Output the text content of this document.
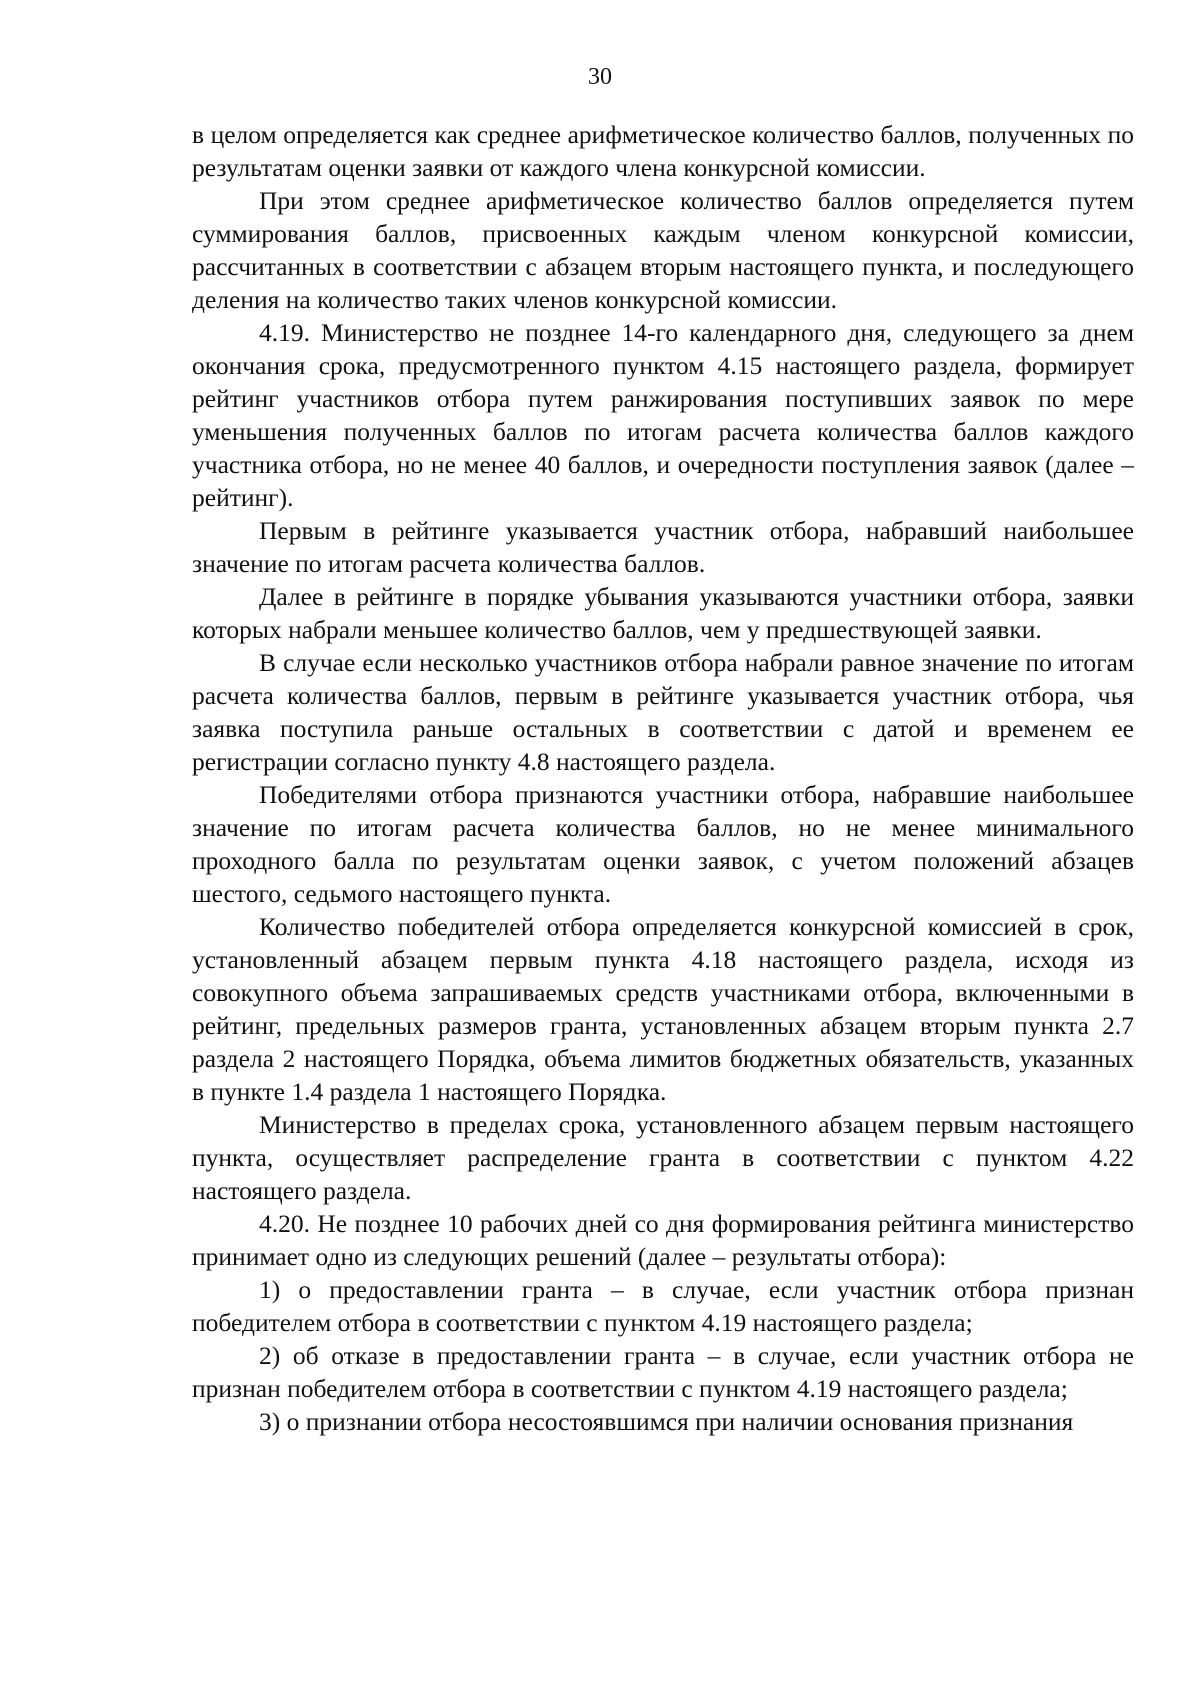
30

в целом определяется как среднее арифметическое количество баллов, полученных по результатам оценки заявки от каждого члена конкурсной комиссии.

При этом среднее арифметическое количество баллов определяется путем суммирования баллов, присвоенных каждым членом конкурсной комиссии, рассчитанных в соответствии с абзацем вторым настоящего пункта, и последующего деления на количество таких членов конкурсной комиссии.

4.19. Министерство не позднее 14-го календарного дня, следующего за днем окончания срока, предусмотренного пунктом 4.15 настоящего раздела, формирует рейтинг участников отбора путем ранжирования поступивших заявок по мере уменьшения полученных баллов по итогам расчета количества баллов каждого участника отбора, но не менее 40 баллов, и очередности поступления заявок (далее – рейтинг).

Первым в рейтинге указывается участник отбора, набравший наибольшее значение по итогам расчета количества баллов.

Далее в рейтинге в порядке убывания указываются участники отбора, заявки которых набрали меньшее количество баллов, чем у предшествующей заявки.

В случае если несколько участников отбора набрали равное значение по итогам расчета количества баллов, первым в рейтинге указывается участник отбора, чья заявка поступила раньше остальных в соответствии с датой и временем ее регистрации согласно пункту 4.8 настоящего раздела.

Победителями отбора признаются участники отбора, набравшие наибольшее значение по итогам расчета количества баллов, но не менее минимального проходного балла по результатам оценки заявок, с учетом положений абзацев шестого, седьмого настоящего пункта.

Количество победителей отбора определяется конкурсной комиссией в срок, установленный абзацем первым пункта 4.18 настоящего раздела, исходя из совокупного объема запрашиваемых средств участниками отбора, включенными в рейтинг, предельных размеров гранта, установленных абзацем вторым пункта 2.7 раздела 2 настоящего Порядка, объема лимитов бюджетных обязательств, указанных в пункте 1.4 раздела 1 настоящего Порядка.

Министерство в пределах срока, установленного абзацем первым настоящего пункта, осуществляет распределение гранта в соответствии с пунктом 4.22 настоящего раздела.

4.20. Не позднее 10 рабочих дней со дня формирования рейтинга министерство принимает одно из следующих решений (далее – результаты отбора):

1) о предоставлении гранта – в случае, если участник отбора признан победителем отбора в соответствии с пунктом 4.19 настоящего раздела;

2) об отказе в предоставлении гранта – в случае, если участник отбора не признан победителем отбора в соответствии с пунктом 4.19 настоящего раздела;

3) о признании отбора несостоявшимся при наличии основания признания
